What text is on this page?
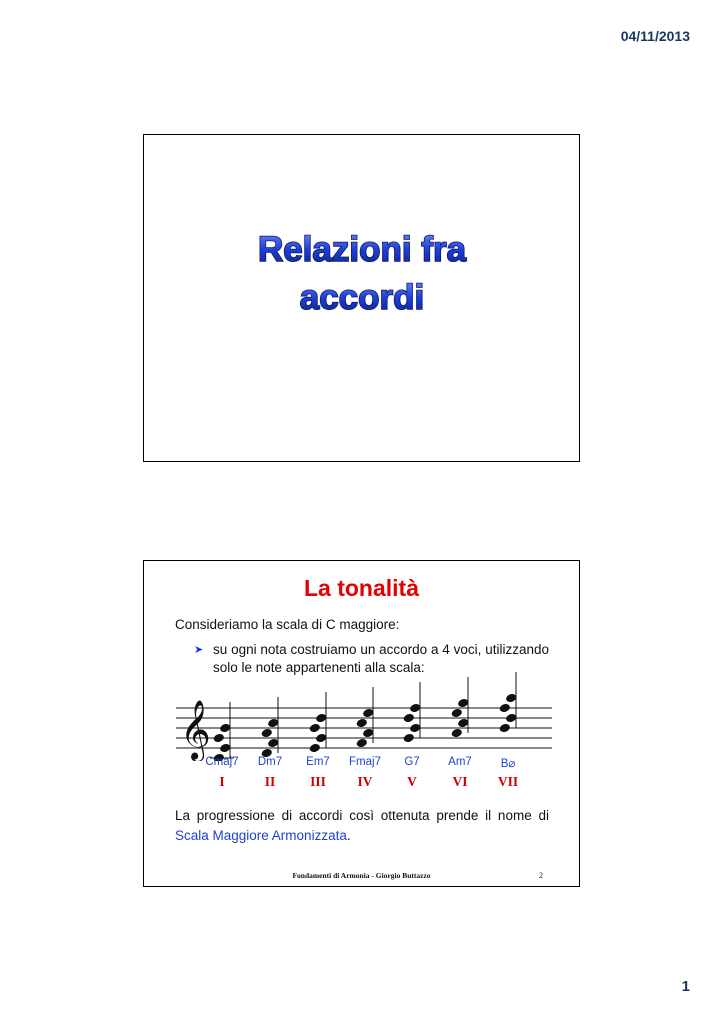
04/11/2013
Relazioni fra
accordi
La tonalità
Consideriamo la scala di C maggiore:
➤ su ogni nota costruiamo un accordo a 4 voci, utilizzando solo le note appartenenti alla scala:
𝄞
Cmaj7
I
Dm7
II
Em7
III
Fmaj7
IV
G7
V
Am7
VI
B⌀
VII
La progressione di accordi così ottenuta prende il nome di Scala Maggiore Armonizzata.
Fondamenti di Armonia - Giorgio Buttazzo	2
1
